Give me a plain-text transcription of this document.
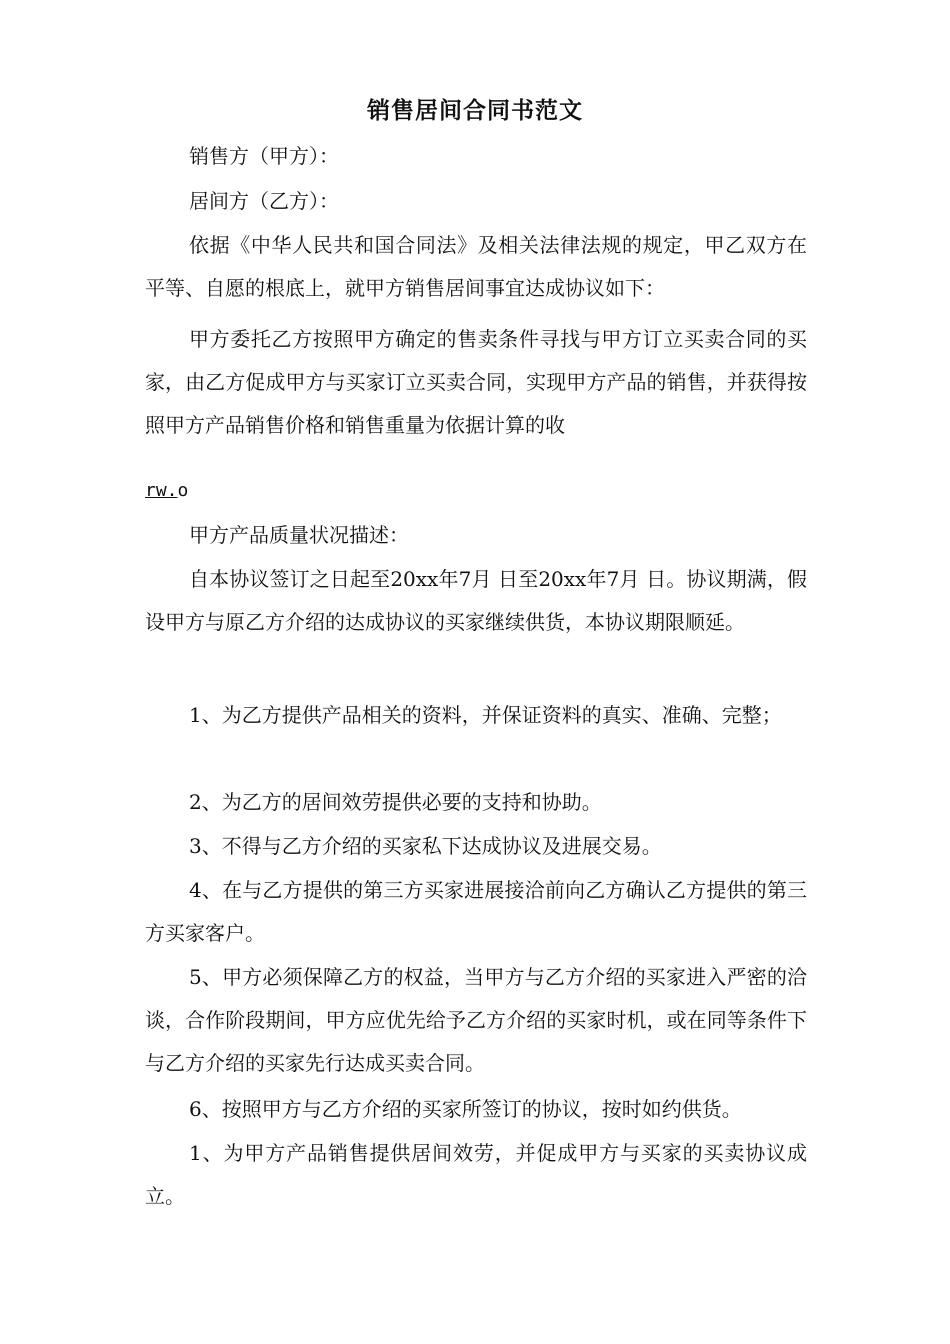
销售居间合同书范文

销售方（甲方）：

居间方（乙方）：

依据《中华人民共和国合同法》及相关法律法规的规定，甲乙双方在平等、自愿的根底上，就甲方销售居间事宜达成协议如下：

甲方委托乙方按照甲方确定的售卖条件寻找与甲方订立买卖合同的买家，由乙方促成甲方与买家订立买卖合同，实现甲方产品的销售，并获得按照甲方产品销售价格和销售重量为依据计算的收

rw.o

甲方产品质量状况描述：

自本协议签订之日起至20xx年7月 日至20xx年7月 日。协议期满，假设甲方与原乙方介绍的达成协议的买家继续供货，本协议期限顺延。

1、为乙方提供产品相关的资料，并保证资料的真实、准确、完整；

2、为乙方的居间效劳提供必要的支持和协助。

3、不得与乙方介绍的买家私下达成协议及进展交易。

4、在与乙方提供的第三方买家进展接洽前向乙方确认乙方提供的第三方买家客户。

5、甲方必须保障乙方的权益，当甲方与乙方介绍的买家进入严密的洽谈，合作阶段期间，甲方应优先给予乙方介绍的买家时机，或在同等条件下与乙方介绍的买家先行达成买卖合同。

6、按照甲方与乙方介绍的买家所签订的协议，按时如约供货。

1、为甲方产品销售提供居间效劳，并促成甲方与买家的买卖协议成立。
